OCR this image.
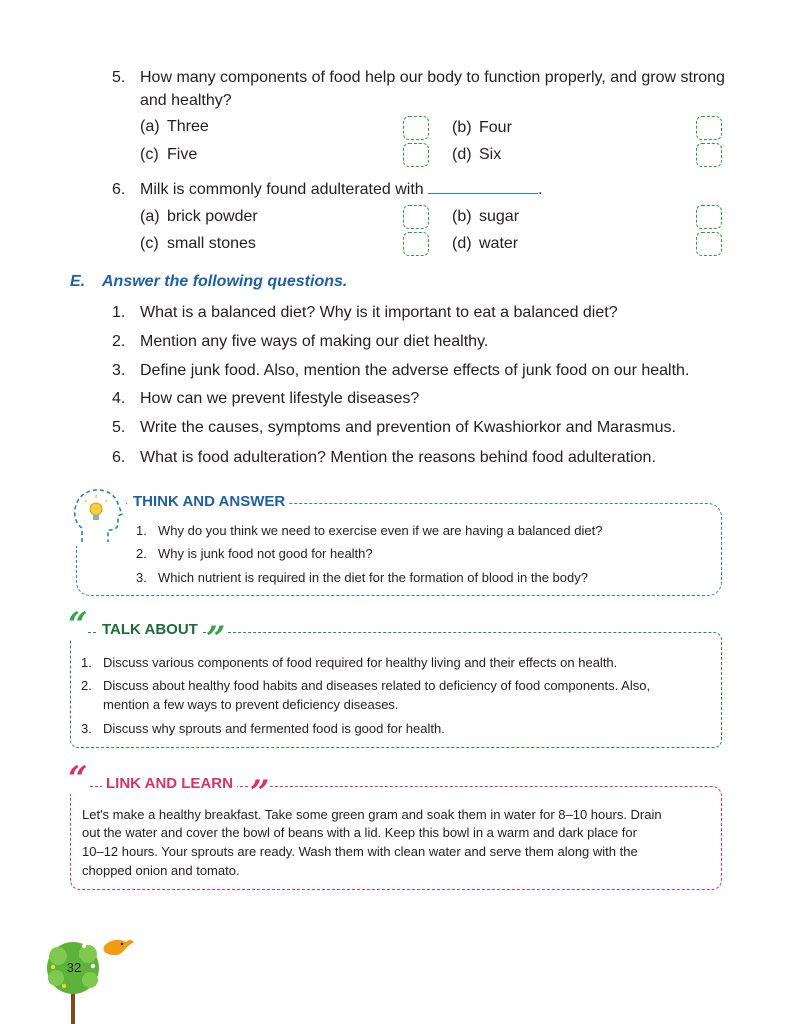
5. How many components of food help our body to function properly, and grow strong and healthy?
(a) Three	(b) Four
(c) Five	(d) Six
6. Milk is commonly found adulterated with	.
(a) brick powder	(b) sugar
(c) small stones	(d) water
E. Answer the following questions.
1. What is a balanced diet? Why is it important to eat a balanced diet?
2. Mention any five ways of making our diet healthy.
3. Define junk food. Also, mention the adverse effects of junk food on our health.
4. How can we prevent lifestyle diseases?
5. Write the causes, symptoms and prevention of Kwashiorkor and Marasmus.
6. What is food adulteration? Mention the reasons behind food adulteration.
THINK AND ANSWER
1. Why do you think we need to exercise even if we are having a balanced diet?
2. Why is junk food not good for health?
3. Which nutrient is required in the diet for the formation of blood in the body?
“ TALK ABOUT ”
1. Discuss various components of food required for healthy living and their effects on health.
2. Discuss about healthy food habits and diseases related to deficiency of food components. Also,
mention a few ways to prevent deficiency diseases.
3. Discuss why sprouts and fermented food is good for health.
“ LINK AND LEARN ”
Let's make a healthy breakfast. Take some green gram and soak them in water for 8–10 hours. Drain
out the water and cover the bowl of beans with a lid. Keep this bowl in a warm and dark place for
10–12 hours. Your sprouts are ready. Wash them with clean water and serve them along with the
chopped onion and tomato.
32
